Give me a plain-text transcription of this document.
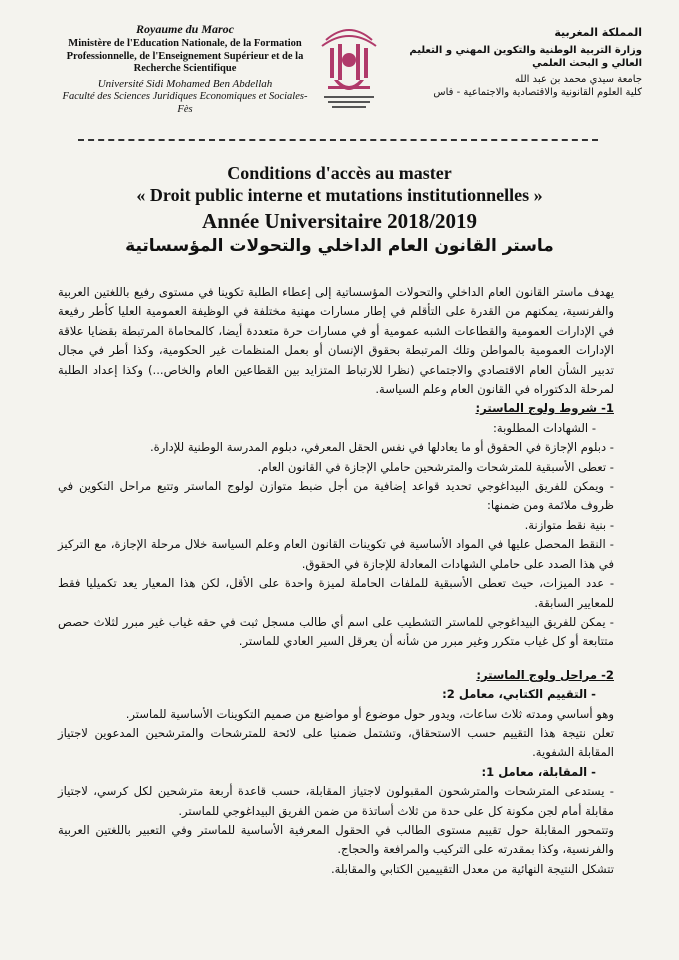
Royaume du Maroc
Ministère de l'Education Nationale, de la Formation Professionnelle, de l'Enseignement Supérieur et de la Recherche Scientifique
Université Sidi Mohamed Ben Abdellah
Faculté des Sciences Juridiques Economiques et Sociales-Fès
المملكة المغربية
وزارة التربية الوطنية والتكوين المهني و التعليم العالي و البحث العلمي
جامعة سيدي محمد بن عبد الله
كلية العلوم القانونية والاقتصادية والاجتماعية - فاس
Conditions d'accès au master
« Droit public interne et mutations institutionnelles »
Année Universitaire 2018/2019
ماستر القانون العام الداخلي والتحولات المؤسساتية

يهدف ماستر القانون العام الداخلي والتحولات المؤسساتية إلى إعطاء الطلبة تكوينا في مستوى رفيع باللغتين العربية والفرنسية، يمكنهم من القدرة على التأقلم في إطار مسارات مهنية مختلفة في الوظيفة العمومية العليا كأطر رفيعة في الإدارات العمومية والقطاعات الشبه عمومية أو في مسارات حرة متعددة أيضا، كالمحاماة المرتبطة بقضايا علاقة الإدارات العمومية بالمواطن وتلك المرتبطة بحقوق الإنسان أو بعمل المنظمات غير الحكومية، وكذا أطر في مجال تدبير الشأن العام الاقتصادي والاجتماعي (نظرا للارتباط المتزايد بين القطاعين العام والخاص...) وكذا إعداد الطلبة لمرحلة الدكتوراه في القانون العام وعلم السياسة.

1- شروط ولوج الماستر:

- الشهادات المطلوبة:

- دبلوم الإجازة في الحقوق أو ما يعادلها في نفس الحقل المعرفي، دبلوم المدرسة الوطنية للإدارة.

- تعطى الأسبقية للمترشحات والمترشحين حاملي الإجازة في القانون العام.

- ويمكن للفريق البيداغوجي تحديد قواعد إضافية من أجل ضبط متوازن لولوج الماستر وتتبع مراحل التكوين في ظروف ملائمة ومن ضمنها:

- بنية نقط متوازنة.

- النقط المحصل عليها في المواد الأساسية في تكوينات القانون العام وعلم السياسة خلال مرحلة الإجازة، مع التركيز في هذا الصدد على حاملي الشهادات المعادلة للإجازة في الحقوق.

- عدد الميزات، حيث تعطى الأسبقية للملفات الحاملة لميزة واحدة على الأقل، لكن هذا المعيار يعد تكميليا فقط للمعايير السابقة.

- يمكن للفريق البيداغوجي للماستر التشطيب على اسم أي طالب مسجل ثبت في حقه غياب غير مبرر لثلاث حصص متتابعة أو كل غياب متكرر وغير مبرر من شأنه أن يعرقل السير العادي للماستر.

2- مراحل ولوج الماستر:

- التقييم الكتابي، معامل 2:

وهو أساسي ومدته ثلاث ساعات، ويدور حول موضوع أو مواضيع من صميم التكوينات الأساسية للماستر.

تعلن نتيجة هذا التقييم حسب الاستحقاق، وتشتمل ضمنيا على لائحة للمترشحات والمترشحين المدعوين لاجتياز المقابلة الشفوية.

- المقابلة، معامل 1:

- يستدعى المترشحات والمترشحون المقبولون لاجتياز المقابلة، حسب قاعدة أربعة مترشحين لكل كرسي، لاجتياز مقابلة أمام لجن مكونة كل على حدة من ثلاث أساتذة من ضمن الفريق البيداغوجي للماستر.

وتتمحور المقابلة حول تقييم مستوى الطالب في الحقول المعرفية الأساسية للماستر وفي التعبير باللغتين العربية والفرنسية، وكذا بمقدرته على التركيب والمرافعة والحجاج.

تتشكل النتيجة النهائية من معدل التقييمين الكتابي والمقابلة.
